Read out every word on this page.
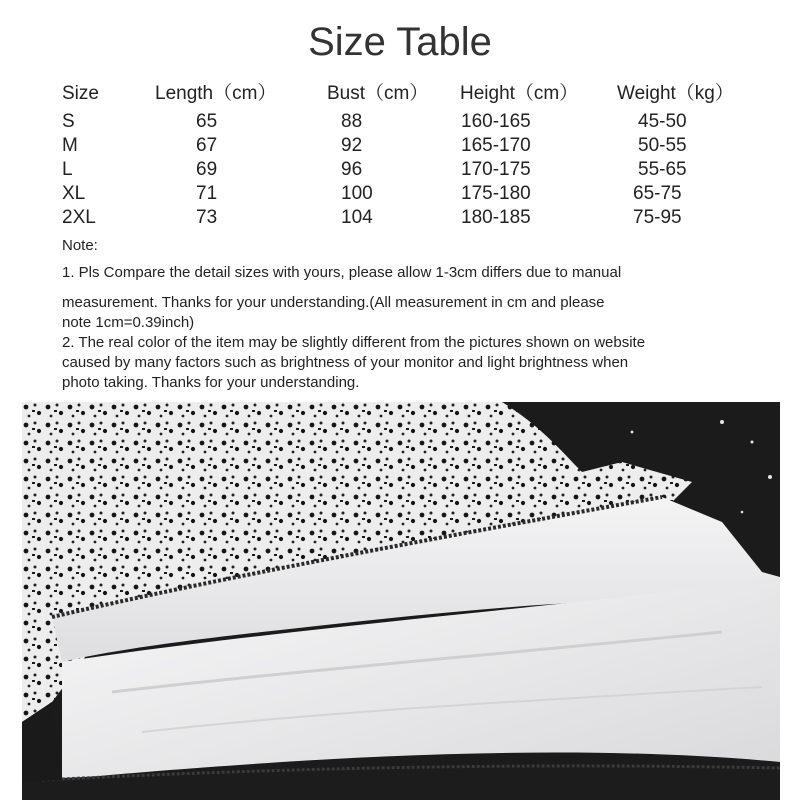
Size Table
Size	Length（cm）	Bust（cm） Height（cm） Weight（kg）
S	65	88	160-165	45-50
M	67	92	165-170	50-55
L	69	96	170-175	55-65
XL	71	100	175-180	65-75
2XL	73	104	180-185	75-95
Note:
1. Pls Compare the detail sizes with yours, please allow 1-3cm differs due to manual
measurement. Thanks for your understanding.(All measurement in cm and please
note 1cm=0.39inch)
2. The real color of the item may be slightly different from the pictures shown on website
caused by many factors such as brightness of your monitor and light brightness when
photo taking. Thanks for your understanding.
